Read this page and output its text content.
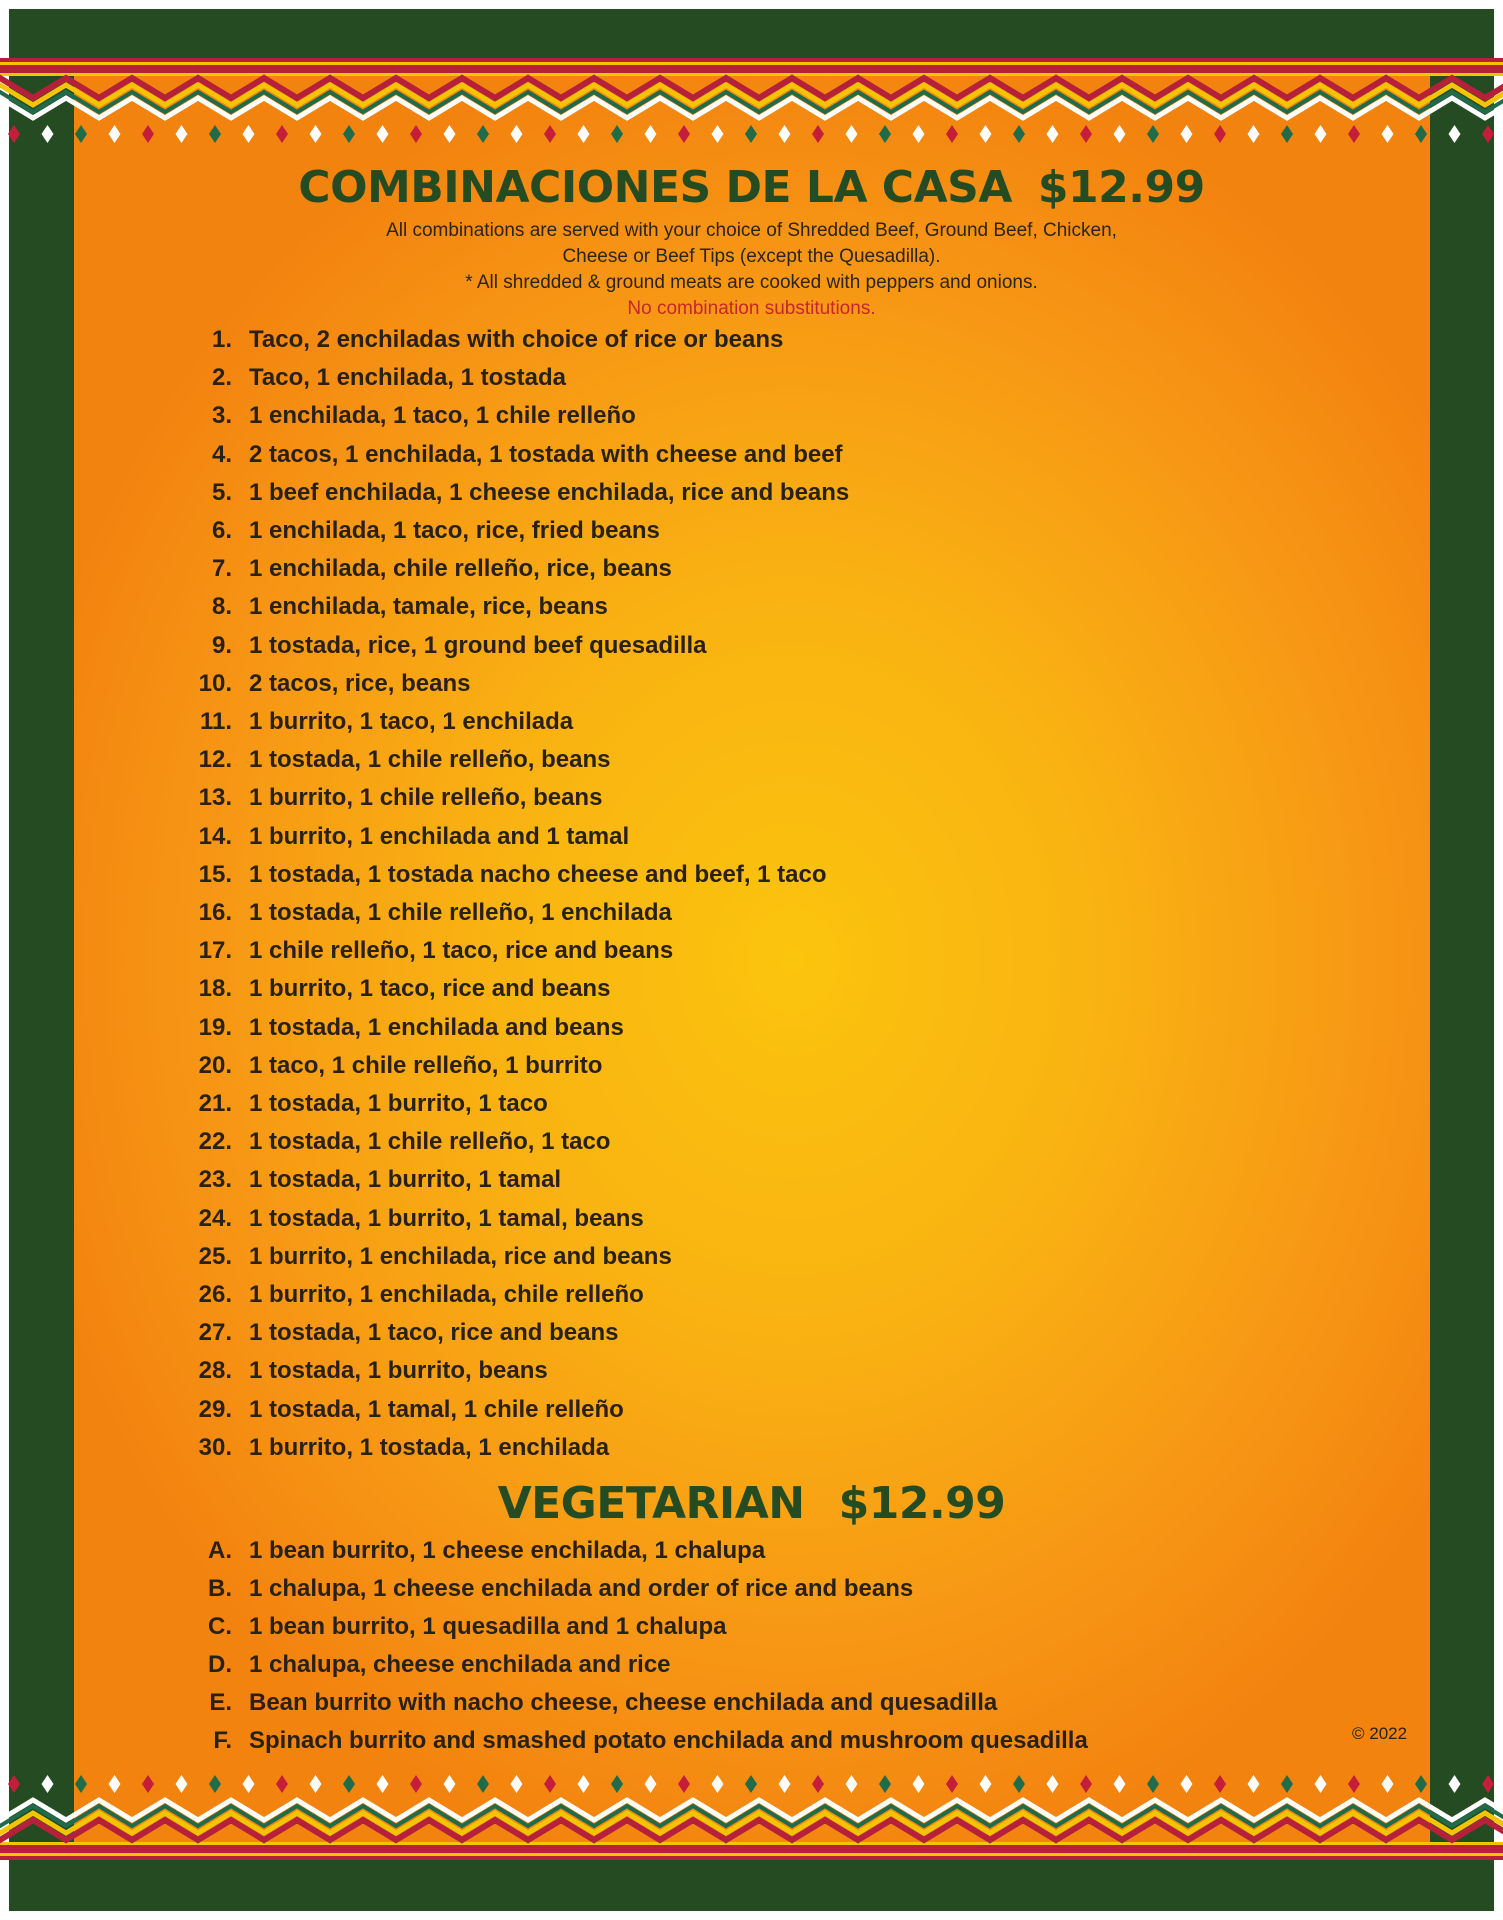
COMBINACIONES DE LA CASA $12.99
All combinations are served with your choice of Shredded Beef, Ground Beef, Chicken,
Cheese or Beef Tips (except the Quesadilla).
* All shredded & ground meats are cooked with peppers and onions.
No combination substitutions.
1. Taco, 2 enchiladas with choice of rice or beans
2. Taco, 1 enchilada, 1 tostada
3. 1 enchilada, 1 taco, 1 chile relleño
4. 2 tacos, 1 enchilada, 1 tostada with cheese and beef
5. 1 beef enchilada, 1 cheese enchilada, rice and beans
6. 1 enchilada, 1 taco, rice, fried beans
7. 1 enchilada, chile relleño, rice, beans
8. 1 enchilada, tamale, rice, beans
9. 1 tostada, rice, 1 ground beef quesadilla
10. 2 tacos, rice, beans
11. 1 burrito, 1 taco, 1 enchilada
12. 1 tostada, 1 chile relleño, beans
13. 1 burrito, 1 chile relleño, beans
14. 1 burrito, 1 enchilada and 1 tamal
15. 1 tostada, 1 tostada nacho cheese and beef, 1 taco
16. 1 tostada, 1 chile relleño, 1 enchilada
17. 1 chile relleño, 1 taco, rice and beans
18. 1 burrito, 1 taco, rice and beans
19. 1 tostada, 1 enchilada and beans
20. 1 taco, 1 chile relleño, 1 burrito
21. 1 tostada, 1 burrito, 1 taco
22. 1 tostada, 1 chile relleño, 1 taco
23. 1 tostada, 1 burrito, 1 tamal
24. 1 tostada, 1 burrito, 1 tamal, beans
25. 1 burrito, 1 enchilada, rice and beans
26. 1 burrito, 1 enchilada, chile relleño
27. 1 tostada, 1 taco, rice and beans
28. 1 tostada, 1 burrito, beans
29. 1 tostada, 1 tamal, 1 chile relleño
30. 1 burrito, 1 tostada, 1 enchilada
VEGETARIAN $12.99
A. 1 bean burrito, 1 cheese enchilada, 1 chalupa
B. 1 chalupa, 1 cheese enchilada and order of rice and beans
C. 1 bean burrito, 1 quesadilla and 1 chalupa
D. 1 chalupa, cheese enchilada and rice
E. Bean burrito with nacho cheese, cheese enchilada and quesadilla
F. Spinach burrito and smashed potato enchilada and mushroom quesadilla	© 2022
